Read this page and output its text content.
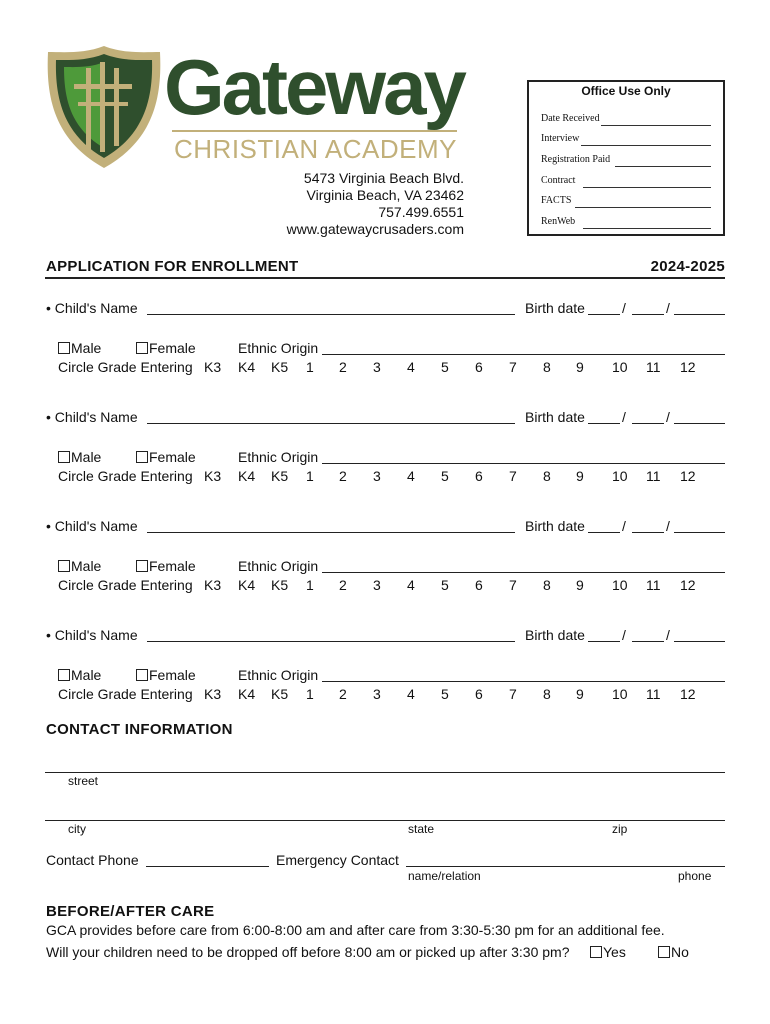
Gateway
CHRISTIAN ACADEMY
5473 Virginia Beach Blvd.
Virginia Beach, VA 23462
757.499.6551
www.gatewaycrusaders.com
Office Use Only
Date Received
Interview
Registration Paid
Contract
FACTS
RenWeb
APPLICATION FOR ENROLLMENT	2024-2025
• Child's Name	Birth date	/	/
Male	Female	Ethnic Origin
Circle Grade Entering K3 K4 K5 1 2 3 4 5 6 7 8 9 10 11 12
• Child's Name	Birth date	/	/
Male	Female	Ethnic Origin
Circle Grade Entering K3 K4 K5 1 2 3 4 5 6 7 8 9 10 11 12
• Child's Name	Birth date	/	/
Male	Female	Ethnic Origin
Circle Grade Entering K3 K4 K5 1 2 3 4 5 6 7 8 9 10 11 12
• Child's Name	Birth date	/	/
Male	Female	Ethnic Origin
Circle Grade Entering K3 K4 K5 1 2 3 4 5 6 7 8 9 10 11 12
CONTACT INFORMATION
street
city	state	zip
Contact Phone	Emergency Contact
name/relation	phone
BEFORE/AFTER CARE
GCA provides before care from 6:00-8:00 am and after care from 3:30-5:30 pm for an additional fee.
Will your children need to be dropped off before 8:00 am or picked up after 3:30 pm?	Yes	No
